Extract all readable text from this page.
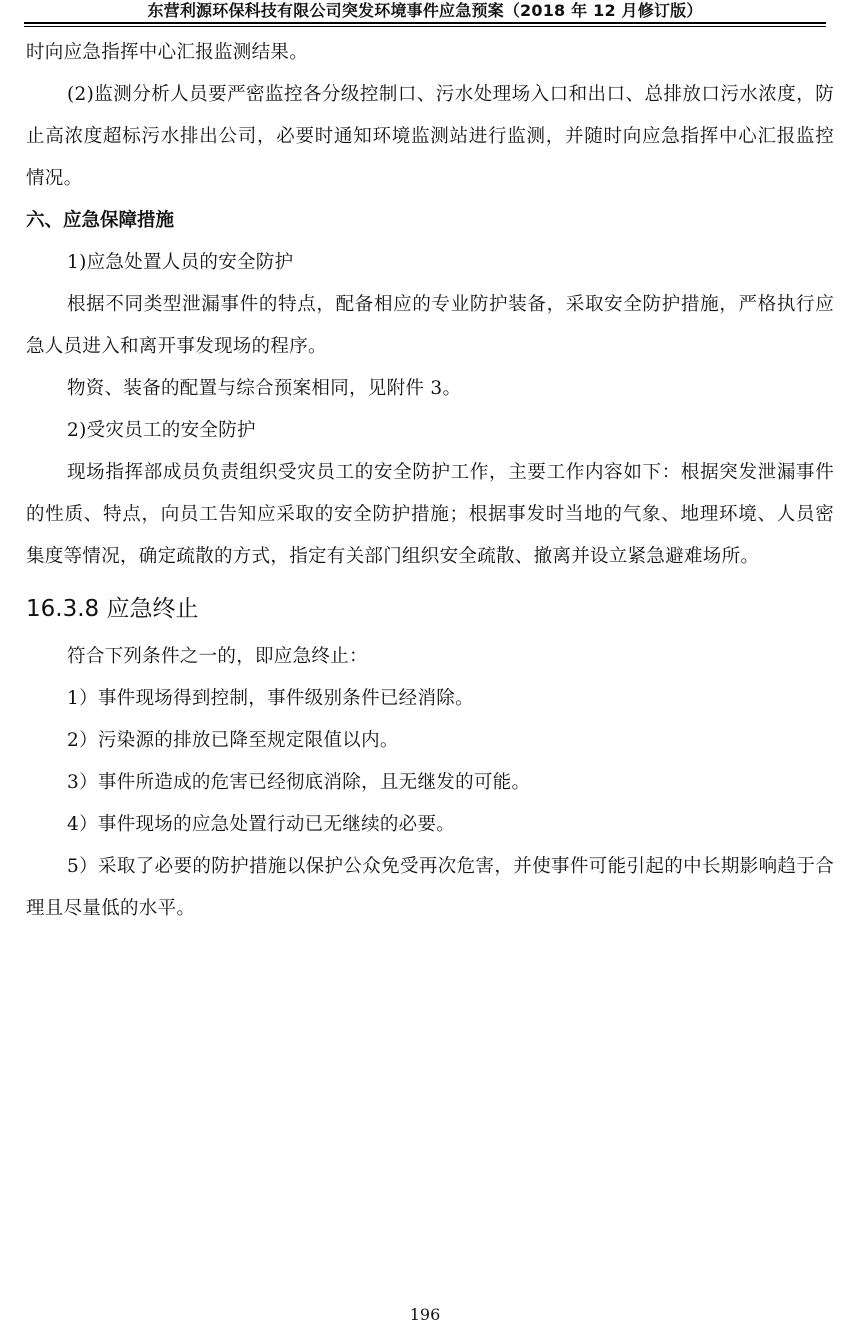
东营利源环保科技有限公司突发环境事件应急预案（2018 年 12 月修订版）

时向应急指挥中心汇报监测结果。

(2)监测分析人员要严密监控各分级控制口、污水处理场入口和出口、总排放口污水浓度，防止高浓度超标污水排出公司，必要时通知环境监测站进行监测，并随时向应急指挥中心汇报监控情况。

六、应急保障措施

1)应急处置人员的安全防护

根据不同类型泄漏事件的特点，配备相应的专业防护装备，采取安全防护措施，严格执行应急人员进入和离开事发现场的程序。

物资、装备的配置与综合预案相同，见附件 3。

2)受灾员工的安全防护

现场指挥部成员负责组织受灾员工的安全防护工作，主要工作内容如下：根据突发泄漏事件的性质、特点，向员工告知应采取的安全防护措施；根据事发时当地的气象、地理环境、人员密集度等情况，确定疏散的方式，指定有关部门组织安全疏散、撤离并设立紧急避难场所。

16.3.8 应急终止

符合下列条件之一的，即应急终止：

1）事件现场得到控制，事件级别条件已经消除。

2）污染源的排放已降至规定限值以内。

3）事件所造成的危害已经彻底消除，且无继发的可能。

4）事件现场的应急处置行动已无继续的必要。

5）采取了必要的防护措施以保护公众免受再次危害，并使事件可能引起的中长期影响趋于合理且尽量低的水平。

196
